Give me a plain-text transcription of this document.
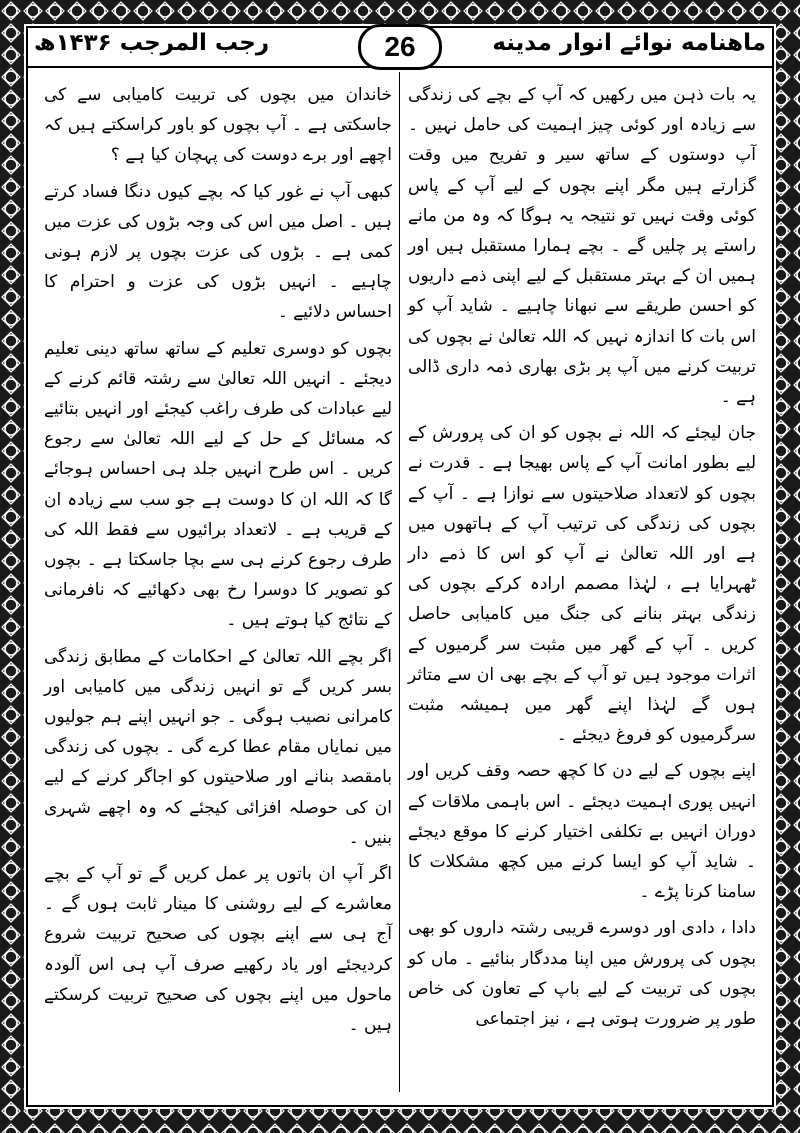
ماهنامه نوائے انوار مدینه
26
رجب المرجب ۱۴۳۶ھ

یہ بات ذہن میں رکھیں کہ آپ کے بچے کی زندگی سے زیادہ اور کوئی چیز اہمیت کی حامل نہیں ۔ آپ دوستوں کے ساتھ سیر و تفریح میں وقت گزارتے ہیں مگر اپنے بچوں کے لیے آپ کے پاس کوئی وقت نہیں تو نتیجہ یہ ہوگا کہ وہ من مانے راستے پر چلیں گے ۔ بچے ہمارا مستقبل ہیں اور ہمیں ان کے بہتر مستقبل کے لیے اپنی ذمے داریوں کو احسن طریقے سے نبھانا چاہیے ۔ شاید آپ کو اس بات کا اندازہ نہیں کہ اللہ تعالیٰ نے بچوں کی تربیت کرنے میں آپ پر بڑی بھاری ذمہ داری ڈالی ہے ۔

جان لیجئے کہ اللہ نے بچوں کو ان کی پرورش کے لیے بطور امانت آپ کے پاس بھیجا ہے ۔ قدرت نے بچوں کو لاتعداد صلاحیتوں سے نوازا ہے ۔ آپ کے بچوں کی زندگی کی ترتیب آپ کے ہاتھوں میں ہے اور اللہ تعالیٰ نے آپ کو اس کا ذمے دار ٹھہرایا ہے ، لہٰذا مصمم ارادہ کرکے بچوں کی زندگی بہتر بنانے کی جنگ میں کامیابی حاصل کریں ۔ آپ کے گھر میں مثبت سر گرمیوں کے اثرات موجود ہیں تو آپ کے بچے بھی ان سے متاثر ہوں گے لہٰذا اپنے گھر میں ہمیشہ مثبت سرگرمیوں کو فروغ دیجئے ۔

اپنے بچوں کے لیے دن کا کچھ حصہ وقف کریں اور انہیں پوری اہمیت دیجئے ۔ اس باہمی ملاقات کے دوران انہیں بے تکلفی اختیار کرنے کا موقع دیجئے ۔ شاید آپ کو ایسا کرنے میں کچھ مشکلات کا سامنا کرنا پڑے ۔

دادا ، دادی اور دوسرے قریبی رشتہ داروں کو بھی بچوں کی پرورش میں اپنا مددگار بنائیے ۔ ماں کو بچوں کی تربیت کے لیے باپ کے تعاون کی خاص طور پر ضرورت ہوتی ہے ، نیز اجتماعی

خاندان میں بچوں کی تربیت کامیابی سے کی جاسکتی ہے ۔ آپ بچوں کو باور کراسکتے ہیں کہ اچھے اور برے دوست کی پہچان کیا ہے ؟

کبھی آپ نے غور کیا کہ بچے کیوں دنگا فساد کرتے ہیں ۔ اصل میں اس کی وجہ بڑوں کی عزت میں کمی ہے ۔ بڑوں کی عزت بچوں پر لازم ہونی چاہیے ۔ انہیں بڑوں کی عزت و احترام کا احساس دلائیے ۔

بچوں کو دوسری تعلیم کے ساتھ ساتھ دینی تعلیم دیجئے ۔ انہیں اللہ تعالیٰ سے رشتہ قائم کرنے کے لیے عبادات کی طرف راغب کیجئے اور انہیں بتائیے کہ مسائل کے حل کے لیے اللہ تعالیٰ سے رجوع کریں ۔ اس طرح انہیں جلد ہی احساس ہوجائے گا کہ اللہ ان کا دوست ہے جو سب سے زیادہ ان کے قریب ہے ۔ لاتعداد برائیوں سے فقط اللہ کی طرف رجوع کرنے ہی سے بچا جاسکتا ہے ۔ بچوں کو تصویر کا دوسرا رخ بھی دکھائیے کہ نافرمانی کے نتائج کیا ہوتے ہیں ۔

اگر بچے اللہ تعالیٰ کے احکامات کے مطابق زندگی بسر کریں گے تو انہیں زندگی میں کامیابی اور کامرانی نصیب ہوگی ۔ جو انہیں اپنے ہم جولیوں میں نمایاں مقام عطا کرے گی ۔ بچوں کی زندگی بامقصد بنانے اور صلاحیتوں کو اجاگر کرنے کے لیے ان کی حوصلہ افزائی کیجئے کہ وہ اچھے شہری بنیں ۔

اگر آپ ان باتوں پر عمل کریں گے تو آپ کے بچے معاشرے کے لیے روشنی کا مینار ثابت ہوں گے ۔ آج ہی سے اپنے بچوں کی صحیح تربیت شروع کردیجئے اور یاد رکھیے صرف آپ ہی اس آلودہ ماحول میں اپنے بچوں کی صحیح تربیت کرسکتے ہیں ۔
